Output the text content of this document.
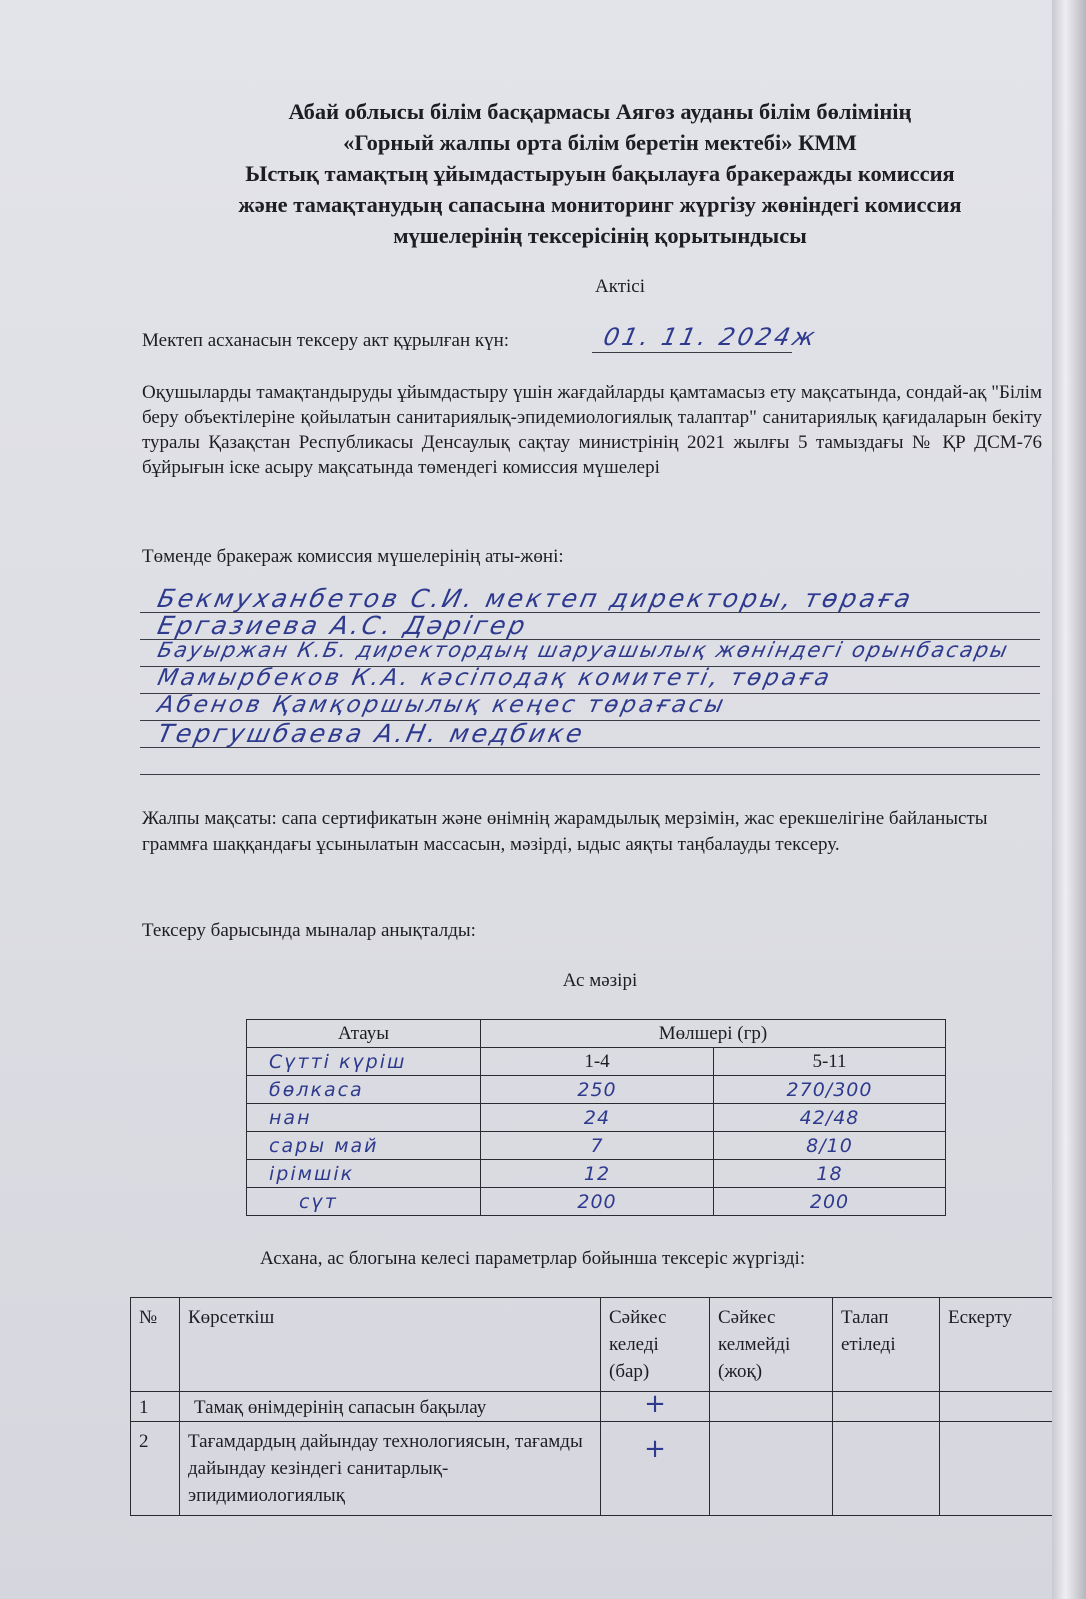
Абай облысы білім басқармасы Аягөз ауданы білім бөлімінің
«Горный жалпы орта білім беретін мектебі» КММ
Ыстық тамақтың ұйымдастыруын бақылауға бракеражды комиссия
және тамақтанудың сапасына мониторинг жүргізу жөніндегі комиссия
мүшелерінің тексерісінің қорытындысы
Актісі
Мектеп асханасын тексеру акт құрылған күн:	01. 11. 2024ж
Оқушыларды тамақтандыруды ұйымдастыру үшін жағдайларды қамтамасыз ету мақсатында, сондай-ақ "Білім беру объектілеріне қойылатын санитариялық-эпидемиологиялық талаптар" санитариялық қағидаларын бекіту туралы Қазақстан Республикасы Денсаулық сақтау министрінің 2021 жылғы 5 тамыздағы № ҚР ДСМ-76 бұйрығын іске асыру мақсатында төмендегі комиссия мүшелері
Төменде бракераж комиссия мүшелерінің аты-жөні:
Бекмуханбетов С.И. мектеп директоры, төраға
Ергазиева А.С. Дәрігер
Бауыржан К.Б. директордың шаруашылық жөніндегі орынбасары
Мамырбеков К.А. кәсіподақ комитеті, төраға
Абенов Қамқоршылық кеңес төрағасы
Тергушбаева А.Н. медбике
Жалпы мақсаты: сапа сертификатын және өнімнің жарамдылық мерзімін, жас ерекшелігіне байланысты граммға шаққандағы ұсынылатын массасын, мәзірді, ыдыс аяқты таңбалауды тексеру.
Тексеру барысында мыналар анықталды:
Ас мәзірі
Атауы	Мөлшері (гр)	
Сүтті күріш	1-4	5-11
бөлкаса	250	270/300
нан	24	42/48
сары май	7	8/10
ірімшік	12	18
сүт	200	200
Асхана, ас блогына келесі параметрлар бойынша тексеріс жүргізді:
№	Көрсеткіш	Сәйкес келеді (бар)	Сәйкес келмейді (жоқ)	Талап етіледі	Ескерту
1	Тамақ өнімдерінің сапасын бақылау	+			
2	Тағамдардың дайындау технологиясын, тағамды дайындау кезіндегі санитарлық-эпидимиологиялық	+			
